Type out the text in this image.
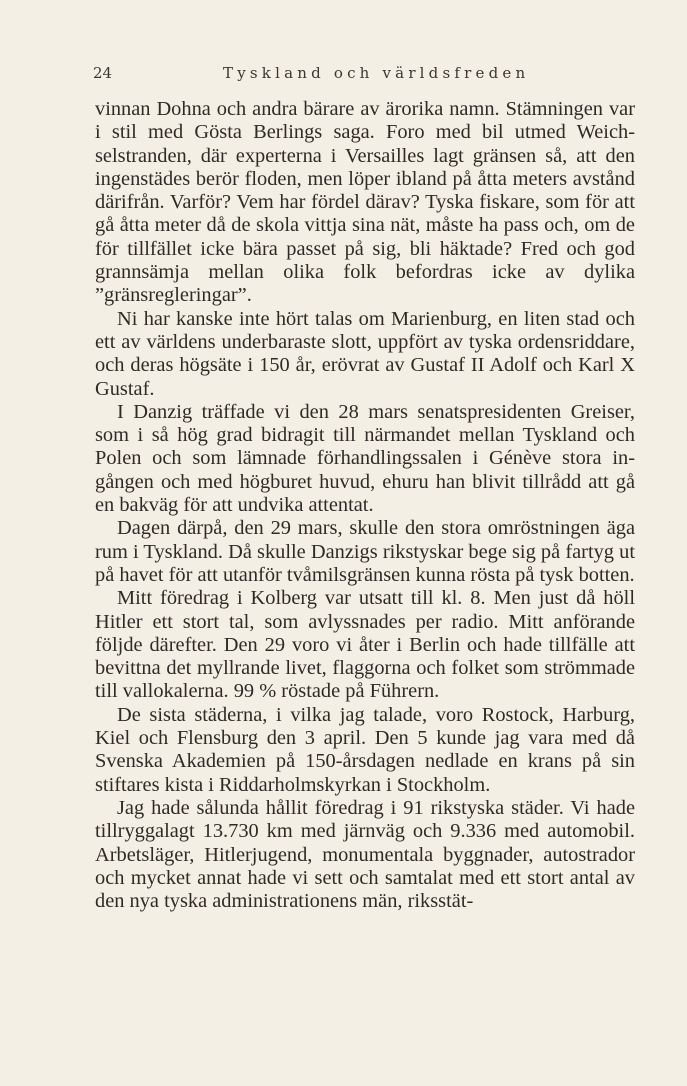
24	Tyskland och världsfreden

vinnan Dohna och andra bärare av ärorika namn. Stämningen var i stil med Gösta Berlings saga. Foro med bil utmed Weichselstranden, där experterna i Versailles lagt gränsen så, att den ingenstädes berör floden, men löper ibland på åtta meters avstånd därifrån. Varför? Vem har fördel därav? Tyska fiskare, som för att gå åtta meter då de skola vittja sina nät, måste ha pass och, om de för tillfället icke bära passet på sig, bli häktade? Fred och god grannsämja mellan olika folk befordras icke av dylika ”gränsregleringar”.

Ni har kanske inte hört talas om Marienburg, en liten stad och ett av världens underbaraste slott, uppfört av tyska ordensriddare, och deras högsäte i 150 år, erövrat av Gustaf II Adolf och Karl X Gustaf.

I Danzig träffade vi den 28 mars senatspresidenten Greiser, som i så hög grad bidragit till närmandet mellan Tyskland och Polen och som lämnade förhandlingssalen i Génève stora ingången och med högburet huvud, ehuru han blivit tillrådd att gå en bakväg för att undvika attentat.

Dagen därpå, den 29 mars, skulle den stora omröstningen äga rum i Tyskland. Då skulle Danzigs rikstyskar bege sig på fartyg ut på havet för att utanför tvåmilsgränsen kunna rösta på tysk botten.

Mitt föredrag i Kolberg var utsatt till kl. 8. Men just då höll Hitler ett stort tal, som avlyssnades per radio. Mitt anförande följde därefter. Den 29 voro vi åter i Berlin och hade tillfälle att bevittna det myllrande livet, flaggorna och folket som strömmade till vallokalerna. 99 % röstade på Führern.

De sista städerna, i vilka jag talade, voro Rostock, Harburg, Kiel och Flensburg den 3 april. Den 5 kunde jag vara med då Svenska Akademien på 150-årsdagen nedlade en krans på sin stiftares kista i Riddarholmskyrkan i Stockholm.

Jag hade sålunda hållit föredrag i 91 rikstyska städer. Vi hade tillryggalagt 13.730 km med järnväg och 9.336 med automobil. Arbetsläger, Hitlerjugend, monumentala byggnader, autostrador och mycket annat hade vi sett och samtalat med ett stort antal av den nya tyska administrationens män, riksstät-
